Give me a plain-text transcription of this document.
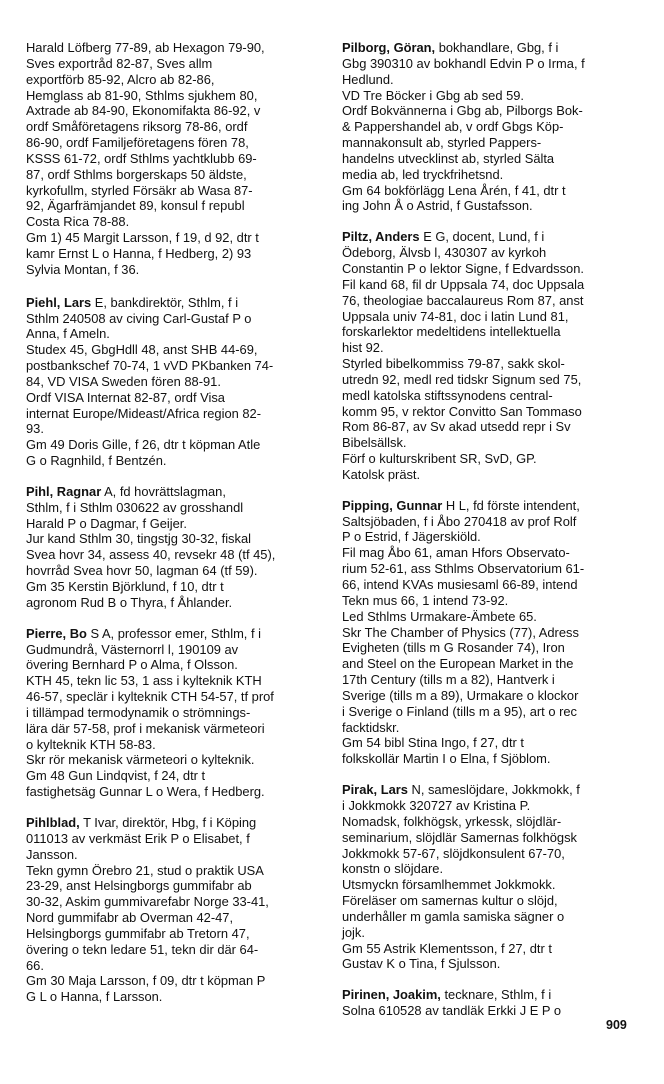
Harald Löfberg 77-89, ab Hexagon 79-90,
Sves exportråd 82-87, Sves allm
exportförb 85-92, Alcro ab 82-86,
Hemglass ab 81-90, Sthlms sjukhem 80,
Axtrade ab 84-90, Ekonomifakta 86-92, v
ordf Småföretagens riksorg 78-86, ordf
86-90, ordf Familjeföretagens fören 78,
KSSS 61-72, ordf Sthlms yachtklubb 69-
87, ordf Sthlms borgerskaps 50 äldste,
kyrkofullm, styrled Försäkr ab Wasa 87-
92, Ägarfrämjandet 89, konsul f republ
Costa Rica 78-88.
Gm 1) 45 Margit Larsson, f 19, d 92, dtr t
kamr Ernst L o Hanna, f Hedberg, 2) 93
Sylvia Montan, f 36.
Piehl, Lars E, bankdirektör, Sthlm, f i
Sthlm 240508 av civing Carl-Gustaf P o
Anna, f Ameln.
Studex 45, GbgHdll 48, anst SHB 44-69,
postbankschef 70-74, 1 vVD PKbanken 74-
84, VD VISA Sweden fören 88-91.
Ordf VISA Internat 82-87, ordf Visa
internat Europe/Mideast/Africa region 82-
93.
Gm 49 Doris Gille, f 26, dtr t köpman Atle
G o Ragnhild, f Bentzén.
Pihl, Ragnar A, fd hovrättslagman,
Sthlm, f i Sthlm 030622 av grosshandl
Harald P o Dagmar, f Geijer.
Jur kand Sthlm 30, tingstjg 30-32, fiskal
Svea hovr 34, assess 40, revsekr 48 (tf 45),
hovrråd Svea hovr 50, lagman 64 (tf 59).
Gm 35 Kerstin Björklund, f 10, dtr t
agronom Rud B o Thyra, f Åhlander.
Pierre, Bo S A, professor emer, Sthlm, f i
Gudmundrå, Västernorrl l, 190109 av
övering Bernhard P o Alma, f Olsson.
KTH 45, tekn lic 53, 1 ass i kylteknik KTH
46-57, speclär i kylteknik CTH 54-57, tf prof
i tillämpad termodynamik o strömnings-
lära där 57-58, prof i mekanisk värmeteori
o kylteknik KTH 58-83.
Skr rör mekanisk värmeteori o kylteknik.
Gm 48 Gun Lindqvist, f 24, dtr t
fastighetsäg Gunnar L o Wera, f Hedberg.
Pihlblad, T Ivar, direktör, Hbg, f i Köping
011013 av verkmäst Erik P o Elisabet, f
Jansson.
Tekn gymn Örebro 21, stud o praktik USA
23-29, anst Helsingborgs gummifabr ab
30-32, Askim gummivarefabr Norge 33-41,
Nord gummifabr ab Overman 42-47,
Helsingborgs gummifabr ab Tretorn 47,
övering o tekn ledare 51, tekn dir där 64-
66.
Gm 30 Maja Larsson, f 09, dtr t köpman P
G L o Hanna, f Larsson.
Pilborg, Göran, bokhandlare, Gbg, f i
Gbg 390310 av bokhandl Edvin P o Irma, f
Hedlund.
VD Tre Böcker i Gbg ab sed 59.
Ordf Bokvännerna i Gbg ab, Pilborgs Bok-
& Pappershandel ab, v ordf Gbgs Köp-
mannakonsult ab, styrled Pappers-
handelns utvecklinst ab, styrled Sälta
media ab, led tryckfrihetsnd.
Gm 64 bokförlägg Lena Årén, f 41, dtr t
ing John Å o Astrid, f Gustafsson.
Piltz, Anders E G, docent, Lund, f i
Ödeborg, Älvsb l, 430307 av kyrkoh
Constantin P o lektor Signe, f Edvardsson.
Fil kand 68, fil dr Uppsala 74, doc Uppsala
76, theologiae baccalaureus Rom 87, anst
Uppsala univ 74-81, doc i latin Lund 81,
forskarlektor medeltidens intellektuella
hist 92.
Styrled bibelkommiss 79-87, sakk skol-
utredn 92, medl red tidskr Signum sed 75,
medl katolska stiftssynodens central-
komm 95, v rektor Convitto San Tommaso
Rom 86-87, av Sv akad utsedd repr i Sv
Bibelsällsk.
Förf o kulturskribent SR, SvD, GP.
Katolsk präst.
Pipping, Gunnar H L, fd förste intendent,
Saltsjöbaden, f i Åbo 270418 av prof Rolf
P o Estrid, f Jägerskiöld.
Fil mag Åbo 61, aman Hfors Observato-
rium 52-61, ass Sthlms Observatorium 61-
66, intend KVAs musiesaml 66-89, intend
Tekn mus 66, 1 intend 73-92.
Led Sthlms Urmakare-Ämbete 65.
Skr The Chamber of Physics (77), Adress
Evigheten (tills m G Rosander 74), Iron
and Steel on the European Market in the
17th Century (tills m a 82), Hantverk i
Sverige (tills m a 89), Urmakare o klockor
i Sverige o Finland (tills m a 95), art o rec
facktidskr.
Gm 54 bibl Stina Ingo, f 27, dtr t
folkskollär Martin I o Elna, f Sjöblom.
Pirak, Lars N, sameslöjdare, Jokkmokk, f
i Jokkmokk 320727 av Kristina P.
Nomadsk, folkhögsk, yrkessk, slöjdlär-
seminarium, slöjdlär Samernas folkhögsk
Jokkmokk 57-67, slöjdkonsulent 67-70,
konstn o slöjdare.
Utsmyckn församlhemmet Jokkmokk.
Föreläser om samernas kultur o slöjd,
underhåller m gamla samiska sägner o
jojk.
Gm 55 Astrik Klementsson, f 27, dtr t
Gustav K o Tina, f Sjulsson.
Pirinen, Joakim, tecknare, Sthlm, f i
Solna 610528 av tandläk Erkki J E P o
909
